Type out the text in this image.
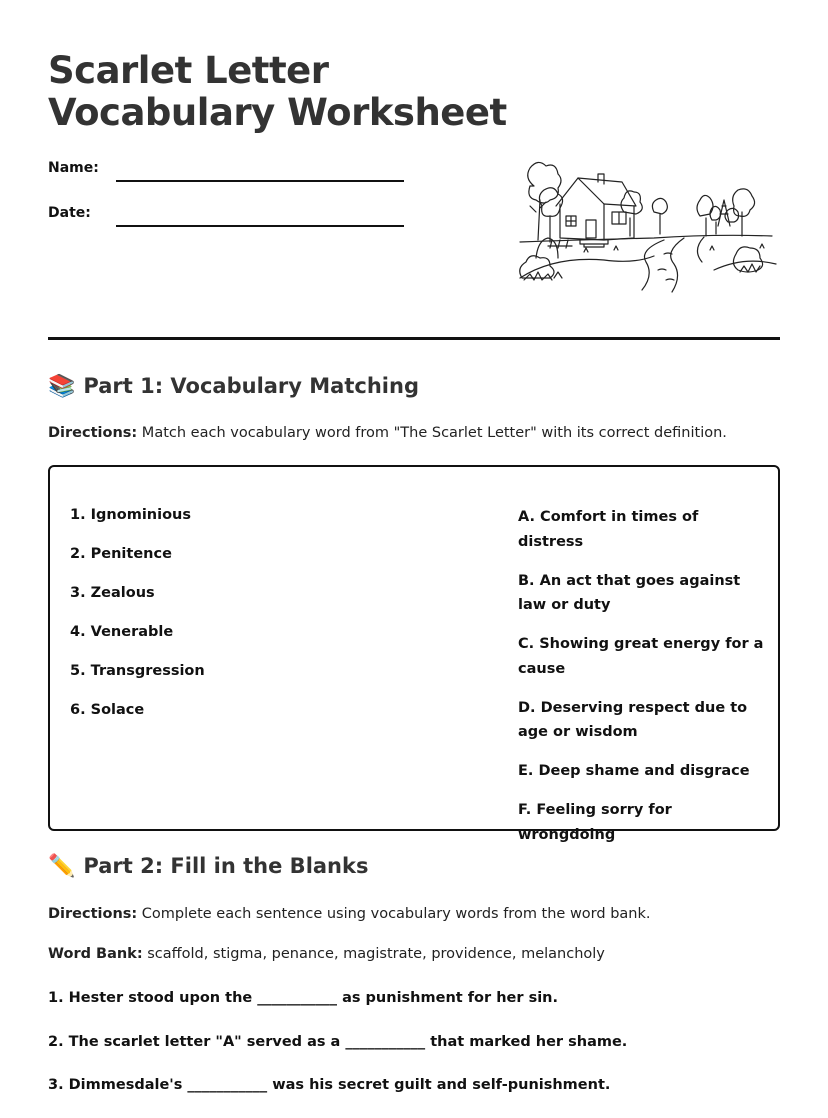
Scarlet Letter
Vocabulary Worksheet
Name:
Date:
📚 Part 1: Vocabulary Matching
Directions: Match each vocabulary word from "The Scarlet Letter" with its correct definition.
1. Ignominious
2. Penitence
3. Zealous
4. Venerable
5. Transgression
6. Solace
A. Comfort in times of distress
B. An act that goes against law or duty
C. Showing great energy for a cause
D. Deserving respect due to age or wisdom
E. Deep shame and disgrace
F. Feeling sorry for wrongdoing
✏️ Part 2: Fill in the Blanks
Directions: Complete each sentence using vocabulary words from the word bank.
Word Bank: scaffold, stigma, penance, magistrate, providence, melancholy
1. Hester stood upon the ___________ as punishment for her sin.
2. The scarlet letter "A" served as a ___________ that marked her shame.
3. Dimmesdale's ___________ was his secret guilt and self-punishment.
